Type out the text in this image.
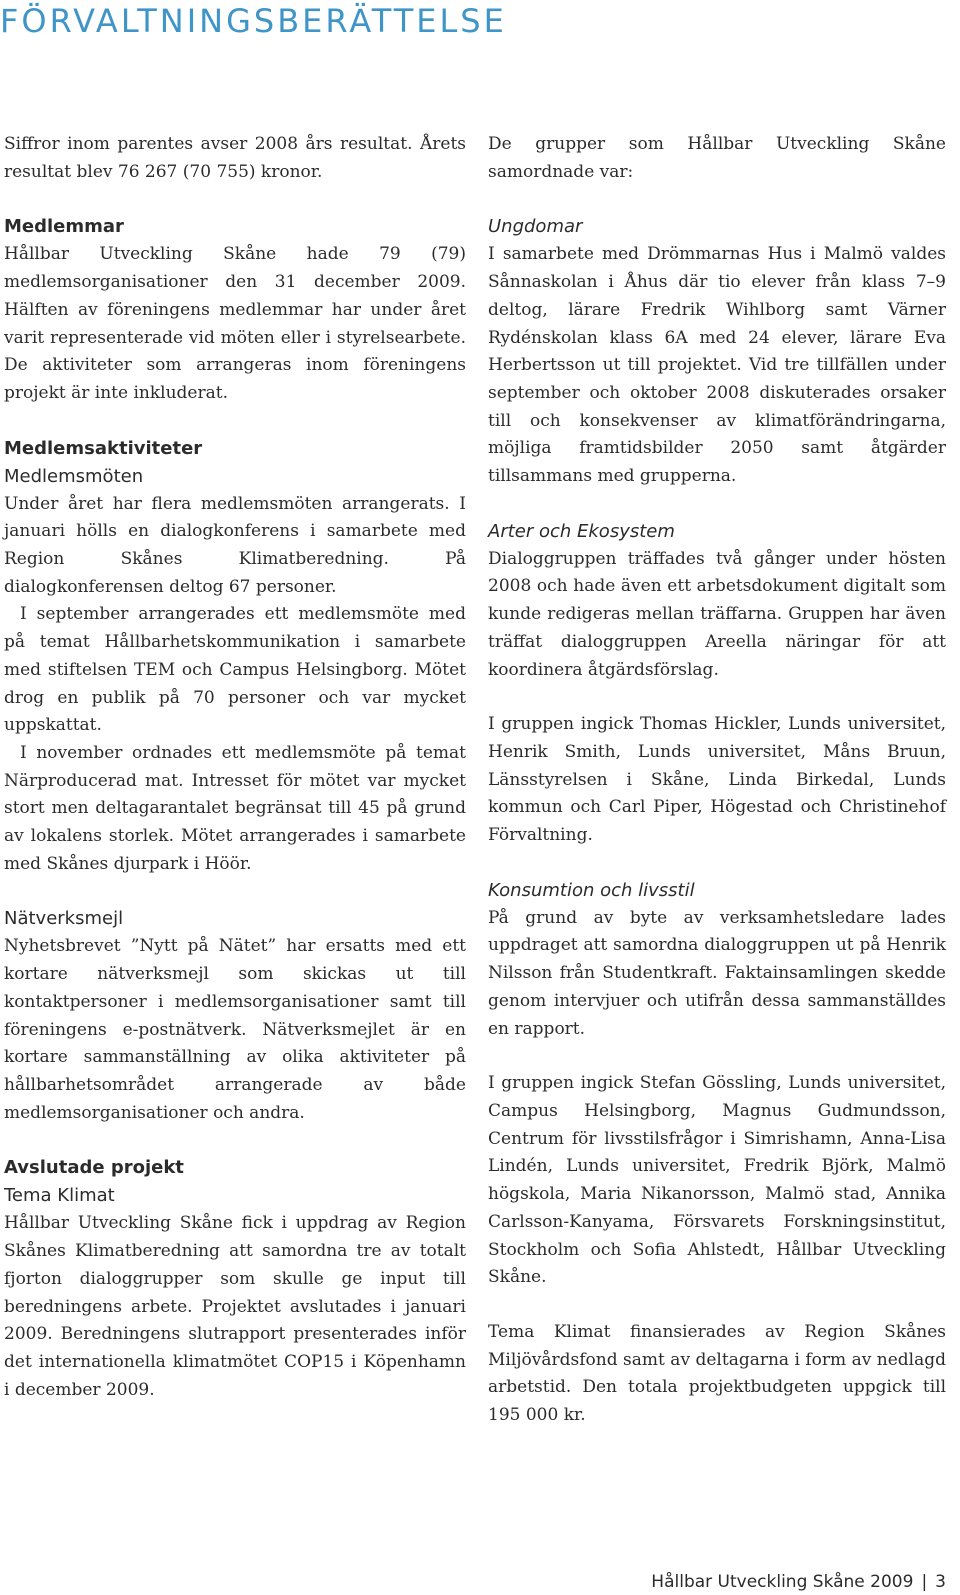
FÖRVALTNINGSBERÄTTELSE

Siffror inom parentes avser 2008 års resultat. Årets resultat blev 76 267 (70 755) kronor.

Medlemmar

Hållbar Utveckling Skåne hade 79 (79) medlemsorganisationer den 31 december 2009. Hälften av föreningens medlemmar har under året varit representerade vid möten eller i styrelsearbete. De aktiviteter som arrangeras inom föreningens projekt är inte inkluderat.

Medlemsaktiviteter
Medlemsmöten

Under året har flera medlemsmöten arrangerats. I januari hölls en dialogkonferens i samarbete med Region Skånes Klimatberedning. På dialogkonferensen deltog 67 personer.

I september arrangerades ett medlemsmöte med på temat Hållbarhetskommunikation i samarbete med stiftelsen TEM och Campus Helsingborg. Mötet drog en publik på 70 personer och var mycket uppskattat.

I november ordnades ett medlemsmöte på temat Närproducerad mat. Intresset för mötet var mycket stort men deltagarantalet begränsat till 45 på grund av lokalens storlek. Mötet arrangerades i samarbete med Skånes djurpark i Höör.

Nätverksmejl

Nyhetsbrevet ”Nytt på Nätet” har ersatts med ett kortare nätverksmejl som skickas ut till kontaktpersoner i medlemsorganisationer samt till föreningens e-postnätverk. Nätverksmejlet är en kortare sammanställning av olika aktiviteter på hållbarhetsområdet arrangerade av både medlemsorganisationer och andra.

Avslutade projekt
Tema Klimat

Hållbar Utveckling Skåne fick i uppdrag av Region Skånes Klimatberedning att samordna tre av totalt fjorton dialoggrupper som skulle ge input till beredningens arbete. Projektet avslutades i januari 2009. Beredningens slutrapport presenterades inför det internationella klimatmötet COP15 i Köpenhamn i december 2009.

De grupper som Hållbar Utveckling Skåne samordnade var:

Ungdomar

I samarbete med Drömmarnas Hus i Malmö valdes Sånnaskolan i Åhus där tio elever från klass 7–9 deltog, lärare Fredrik Wihlborg samt Värner Rydénskolan klass 6A med 24 elever, lärare Eva Herbertsson ut till projektet. Vid tre tillfällen under september och oktober 2008 diskuterades orsaker till och konsekvenser av klimatförändringarna, möjliga framtidsbilder 2050 samt åtgärder tillsammans med grupperna.

Arter och Ekosystem

Dialoggruppen träffades två gånger under hösten 2008 och hade även ett arbetsdokument digitalt som kunde redigeras mellan träffarna. Gruppen har även träffat dialoggruppen Areella näringar för att koordinera åtgärdsförslag.

I gruppen ingick Thomas Hickler, Lunds universitet, Henrik Smith, Lunds universitet, Måns Bruun, Länsstyrelsen i Skåne, Linda Birkedal, Lunds kommun och Carl Piper, Högestad och Christinehof Förvaltning.

Konsumtion och livsstil

På grund av byte av verksamhetsledare lades uppdraget att samordna dialoggruppen ut på Henrik Nilsson från Studentkraft. Faktainsamlingen skedde genom intervjuer och utifrån dessa sammanställdes en rapport.

I gruppen ingick Stefan Gössling, Lunds universitet, Campus Helsingborg, Magnus Gudmundsson, Centrum för livsstilsfrågor i Simrishamn, Anna-Lisa Lindén, Lunds universitet, Fredrik Björk, Malmö högskola, Maria Nikanorsson, Malmö stad, Annika Carlsson-Kanyama, Försvarets Forskningsinstitut, Stockholm och Sofia Ahlstedt, Hållbar Utveckling Skåne.

Tema Klimat finansierades av Region Skånes Miljövårdsfond samt av deltagarna i form av nedlagd arbetstid. Den totala projektbudgeten uppgick till 195 000 kr.

Hållbar Utveckling Skåne 2009 | 3
